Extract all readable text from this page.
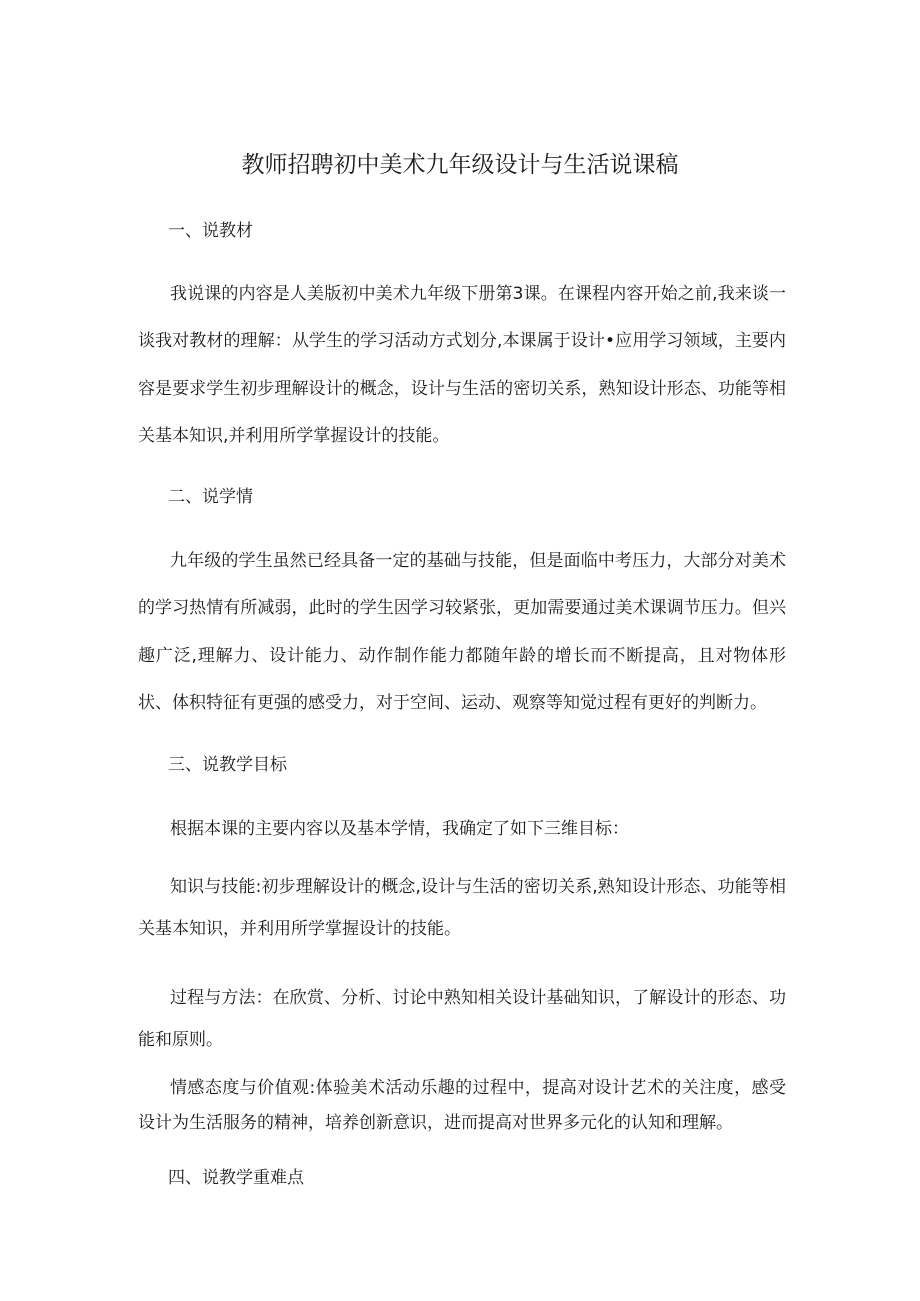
教师招聘初中美术九年级设计与生活说课稿
一、说教材

我说课的内容是人美版初中美术九年级下册第3课。在课程内容开始之前,我来谈一谈我对教材的理解：从学生的学习活动方式划分,本课属于设计•应用学习领域，主要内容是要求学生初步理解设计的概念，设计与生活的密切关系，熟知设计形态、功能等相关基本知识,并利用所学掌握设计的技能。

二、说学情

九年级的学生虽然已经具备一定的基础与技能，但是面临中考压力，大部分对美术的学习热情有所减弱，此时的学生因学习较紧张，更加需要通过美术课调节压力。但兴趣广泛,理解力、设计能力、动作制作能力都随年龄的增长而不断提高，且对物体形状、体积特征有更强的感受力，对于空间、运动、观察等知觉过程有更好的判断力。

三、说教学目标

根据本课的主要内容以及基本学情，我确定了如下三维目标：

知识与技能:初步理解设计的概念,设计与生活的密切关系,熟知设计形态、功能等相关基本知识，并利用所学掌握设计的技能。

过程与方法：在欣赏、分析、讨论中熟知相关设计基础知识，了解设计的形态、功能和原则。

情感态度与价值观:体验美术活动乐趣的过程中，提高对设计艺术的关注度，感受设计为生活服务的精神，培养创新意识，进而提高对世界多元化的认知和理解。

四、说教学重难点
